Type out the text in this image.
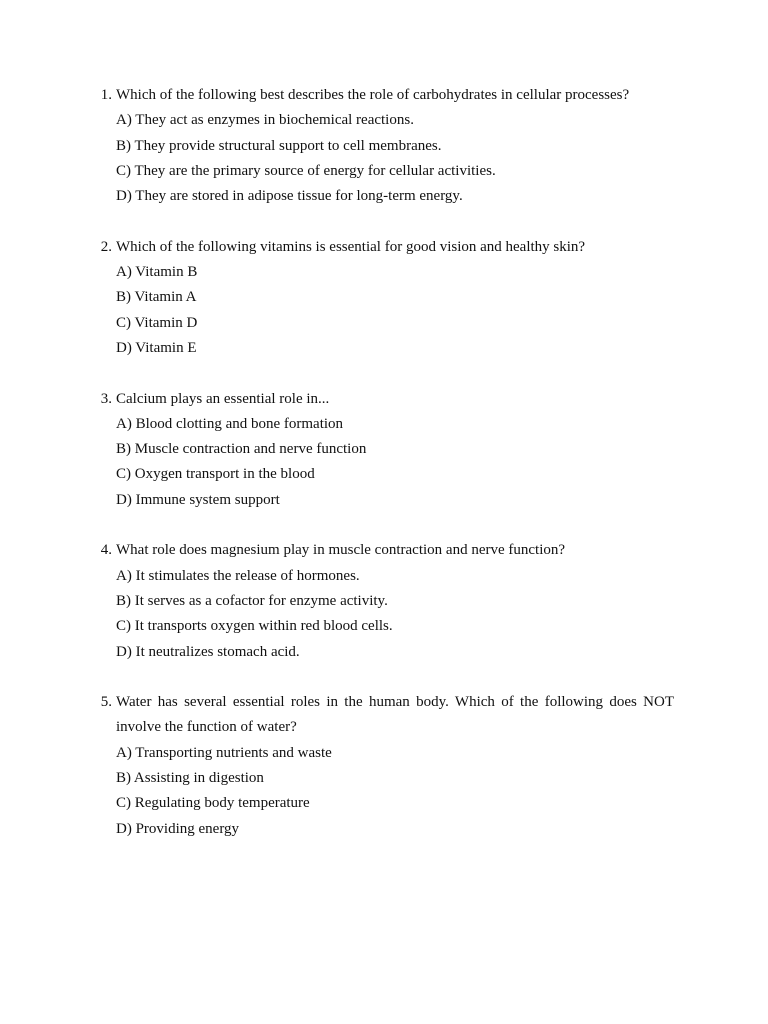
1. Which of the following best describes the role of carbohydrates in cellular processes?
A) They act as enzymes in biochemical reactions.
B) They provide structural support to cell membranes.
C) They are the primary source of energy for cellular activities.
D) They are stored in adipose tissue for long-term energy.
2. Which of the following vitamins is essential for good vision and healthy skin?
A) Vitamin B
B) Vitamin A
C) Vitamin D
D) Vitamin E
3. Calcium plays an essential role in...
A) Blood clotting and bone formation
B) Muscle contraction and nerve function
C) Oxygen transport in the blood
D) Immune system support
4. What role does magnesium play in muscle contraction and nerve function?
A) It stimulates the release of hormones.
B) It serves as a cofactor for enzyme activity.
C) It transports oxygen within red blood cells.
D) It neutralizes stomach acid.
5. Water has several essential roles in the human body. Which of the following does NOT involve the function of water?
A) Transporting nutrients and waste
B) Assisting in digestion
C) Regulating body temperature
D) Providing energy
